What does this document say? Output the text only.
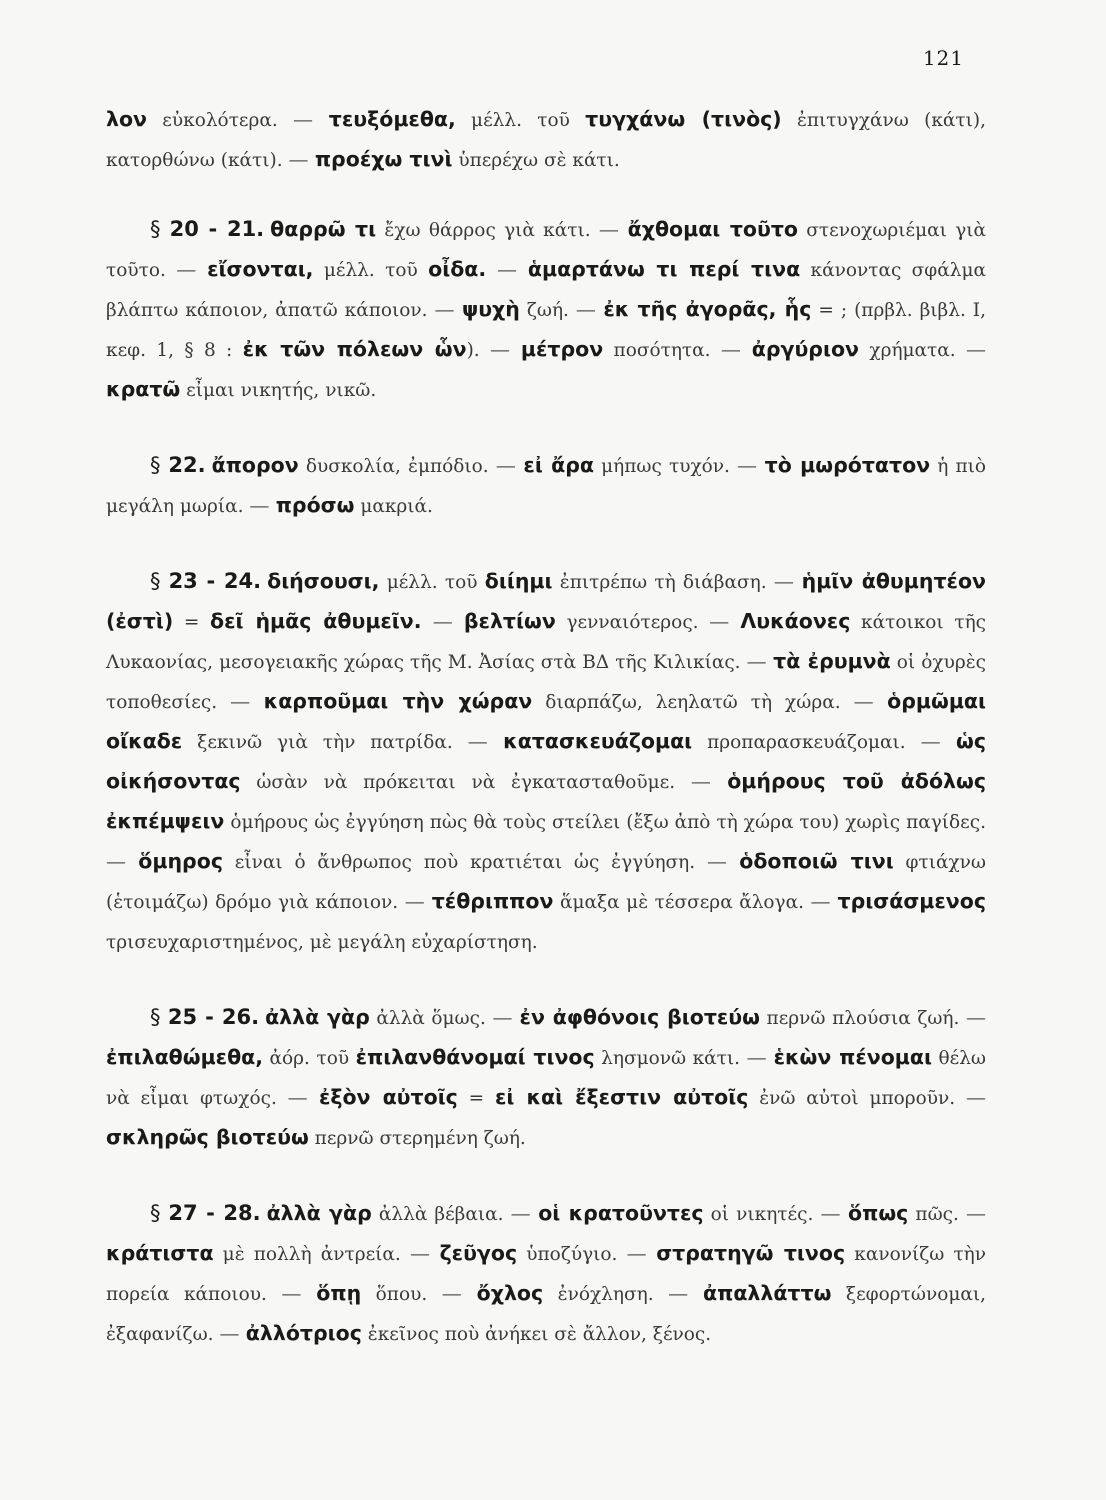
121

λον εὐκολότερα. — τευξόμεθα, μέλλ. τοῦ τυγχάνω (τινὸς) ἐπιτυγχάνω (κάτι), κατορθώνω (κάτι). — προέχω τινὶ ὑπερέχω σὲ κάτι.

§ 20 - 21. θαρρῶ τι ἔχω θάρρος γιὰ κάτι. — ἄχθομαι τοῦτο στενοχωριέμαι γιὰ τοῦτο. — εἴσονται, μέλλ. τοῦ οἶδα. — ἁμαρτάνω τι περί τινα κάνοντας σφάλμα βλάπτω κάποιον, ἀπατῶ κάποιον. — ψυχὴ ζωή. — ἐκ τῆς ἀγορᾶς, ἧς = ; (πρβλ. βιβλ. I, κεφ. 1, § 8 : ἐκ τῶν πόλεων ὧν). — μέτρον ποσότητα. — ἀργύριον χρήματα. — κρατῶ εἶμαι νικητής, νικῶ.

§ 22. ἄπορον δυσκολία, ἐμπόδιο. — εἰ ἄρα μήπως τυχόν. — τὸ μωρότατον ἡ πιὸ μεγάλη μωρία. — πρόσω μακριά.

§ 23 - 24. διήσουσι, μέλλ. τοῦ διίημι ἐπιτρέπω τὴ διάβαση. — ἡμῖν ἀθυμητέον (ἐστὶ) = δεῖ ἡμᾶς ἀθυμεῖν. — βελτίων γενναιότερος. — Λυκάονες κάτοικοι τῆς Λυκαονίας, μεσογειακῆς χώρας τῆς Μ. Ἀσίας στὰ ΒΔ τῆς Κιλικίας. — τὰ ἐρυμνὰ οἱ ὀχυρὲς τοποθεσίες. — καρποῦμαι τὴν χώραν διαρπάζω, λεηλατῶ τὴ χώρα. — ὁρμῶμαι οἴκαδε ξεκινῶ γιὰ τὴν πατρίδα. — κατασκευάζομαι προπαρασκευάζομαι. — ὡς οἰκήσοντας ὡσὰν νὰ πρόκειται νὰ ἐγκατασταθοῦμε. — ὁμήρους τοῦ ἀδόλως ἐκπέμψειν ὁμήρους ὡς ἐγγύηση πὼς θὰ τοὺς στείλει (ἔξω ἀπὸ τὴ χώρα του) χωρὶς παγίδες. — ὅμηρος εἶναι ὁ ἄνθρωπος ποὺ κρατιέται ὡς ἐγγύηση. — ὁδοποιῶ τινι φτιάχνω (ἑτοιμάζω) δρόμο γιὰ κάποιον. — τέθριππον ἅμαξα μὲ τέσσερα ἄλογα. — τρισάσμενος τρισευχαριστημένος, μὲ μεγάλη εὐχαρίστηση.

§ 25 - 26. ἀλλὰ γὰρ ἀλλὰ ὅμως. — ἐν ἀφθόνοις βιοτεύω περνῶ πλούσια ζωή. — ἐπιλαθώμεθα, ἀόρ. τοῦ ἐπιλανθάνομαί τινος λησμονῶ κάτι. — ἑκὼν πένομαι θέλω νὰ εἶμαι φτωχός. — ἐξὸν αὐτοῖς = εἰ καὶ ἔξεστιν αὐτοῖς ἐνῶ αὐτοὶ μποροῦν. — σκληρῶς βιοτεύω περνῶ στερημένη ζωή.

§ 27 - 28. ἀλλὰ γὰρ ἀλλὰ βέβαια. — οἱ κρατοῦντες οἱ νικητές. — ὅπως πῶς. — κράτιστα μὲ πολλὴ ἀντρεία. — ζεῦγος ὑποζύγιο. — στρατηγῶ τινος κανονίζω τὴν πορεία κάποιου. — ὅπῃ ὅπου. — ὄχλος ἐνόχληση. — ἀπαλλάττω ξεφορτώνομαι, ἐξαφανίζω. — ἀλλότριος ἐκεῖνος ποὺ ἀνήκει σὲ ἄλλον, ξένος.
